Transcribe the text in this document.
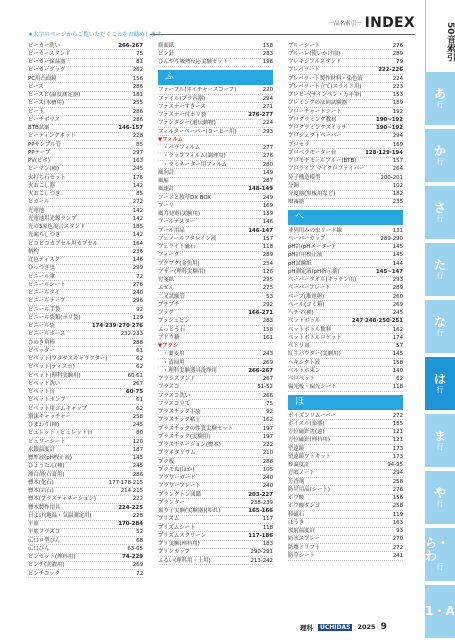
★太字のページからご覧いただくことをお勧めします。
一品名索引一 INDEX
ビーカー洗い	266-267
ビーカースタンド	75
ビーカー保温器	81
ビーカークック	262
PC用凸面鏡	156
ビーズ	286
ビーズピ(温度測定器)	181
ビーズ(水槽用)	255
ビー玉	286
ビーチボラス	286
BTB試薬	146-157
ビーディングネット	228
PPサンプル管	85
PPテープ	297
PV(ピボ)	163
ビーマン(種)	245
火打ち石セット	176
火おこし器	142
火おこしつぎ	85
ピカール	272
光電池	142
光電池用光源ランプ	142
光の3原色混合スタンド	185
光漏らしつぎ	142
ピコピコカプセル用カプセル	164
柄杓	236
比色ディスク	146
ひっつき虫	299
ビニール傘	72
ビニールシート	276
ビニールタイ	240
ビニールテープ	296
ビニール手袋	92
ビニール袋類(ポリ袋)	129
ビニール袋	174·239·270·276
ビニールホース	232·233
ひのき角棒	288
ピペッター	61
ピペット(ワタダスキャラクター)	62
ピペット(ディスポ)	62
ピペット(理科実験用)	60·61
ピペット洗い	267
ピペット台	60·75
ピペットポンプ	61
ピペット用ゴムキャップ	62
飛沫キャッチャー	258
ひまわり(種)	245
ピュレット・ピュレット台	80
ビュワーシート	120
水銀温度計	187
標準液(pH校正液)	145
ひょうたん(種)	245
漂白剤(石膏用)	286
標本(化石)	177·178·215
標本(岩石)	214·215
標本(プラスティネーション)	222
標本製作用具	224-225
日よけ(地温・気温測定用)	228
平皿	170-284
平底フラスコ	52
広口ロ型びん	68
広口びん	63-65
ピンセット(理科用)	74-229
ピンチ(洗濯用)	269
ピンチコック	72
瓶面紙	158
ピン針	283
ひんやり吸熱反応実験セット	196
ふ
ファーブル(ネイチャースコープ)	220
ファイル(プラ容器)	294
ファスナーすきース	271
ファスナー付ポリ袋	276-277
ファンタジー(遺伝動物)	224
フィルターペーパー(コーヒー用)	293
▼フィルム
・パラフィルム	277
・ラップフィルム(調理用)	276
・ラミネーター用フィルム	280
風向計	149
風船	287
風速計	148-149
フードと牧草DX BOX	249
ブーリ	169
風力発電(実験用)	139
ブールテスター	146
ブール用品	146-147
フェノールフタレイン液	157
フェライト磁石	118
フォーク	289
ブクブク(金魚用)	254
ブザー(理科実験用)	126
付箋紙	295
ふせん	275
二叉試験管	53
プチプチ	292
フック	166-271
プッシュピン	283
ふっとう石	158
ブドウ糖	161
▼ブラシ
・蕎麦用	243
・清掃用	269
・理科実験器具洗浄用	266-267
ブラシスタンド	267
フラスコ	51-52
フラスコ洗い	266
フラスコ立て	75
プラスチック手袋	92
プラスチック粘土	162
プラスチックの性質実験セット	197
プラスチック(実験用)	197
プラスチネーション(標本)	222
プラネタリウム	210
プラ板	288
プラモぬ(ほか)	105
フラワーガード	240
フラワーブレート	240
プランクトン図鑑	203-227
プランター	238-239
振り子実験(実験器)(ゆれ)	165-166
ブリズム	117
プリズムシート	118
プリズムスクリーン	117-186
プリ実験(理科用)	183
プリンカップ	290-291
ふるい(理科用・土用)	213-242
ブルーシート	276
ブルーレ(使いかけ皿)	289
フレキシブルスタンド	79
プレパラート	222-226
プレパラート製作材料・染色液	224
プレパラート立て(スライド用)	223
プレビー(サインペン・万年筆)	153
フレミングの法則試験器	189
フローチャートシート	192
プログラミング教材	190~192
プログラミングスイッチ	190~192
プロジェクトペーパー	294
ブロセラ	169
プロペラモーター台	128·129·194
プロモチモールブルー(BTB)	157
フロライブ マイクロファイバー	264
分子構造模型	200-201
分銅	102
分度器(黒板用など)	182
噴霧器	235
へ
並列用みの虫リード線	131
ペーパーカップ	289-290
pH計(pHメーター)	145
pH計用校正液	145
pH試験紙	144
pH測定液(pH指示薬)	145~147
ペーパータオル(キッチン用)	293
ペーパープレート	289
ベーブ(堆電卵)	260
ペール(ゴミ箱)	269
ヘチマ(種)	245
ペットボトル	247·248·250·251
ペットボトル飲料	162
ペットボトルロケット	174
ペトリ皿	57
紅芋パウダー(実験用)	145
ヘキシクト液	158
ベルトホ束ン	140
ベロペット	62
偏光板・偏光シート	118
ほ
ポイズンリムーバー	272
ホイスル(楽器)	185
方位磁針書(遠)	121
方位磁針(理科用)	121
望遠鏡	173
望遠鏡ワトキット	173
棒温度計	94-95
方眼ノート	294
芳香剤	258
防災用品(シート)	276
ホウ酸	156
ホウ酸ダンゴ	258
棒磁石	119
ほうき	163
放射温度計	93
防水スプレー	270
防塵ドリフト	272
防草シート	241
50音索引
あ
行
か
行
さ
行
た
行
な
行
は
行
ま
行
や
行
ら・わ
行
1・A
理科	UCHIDAS	2025 9
